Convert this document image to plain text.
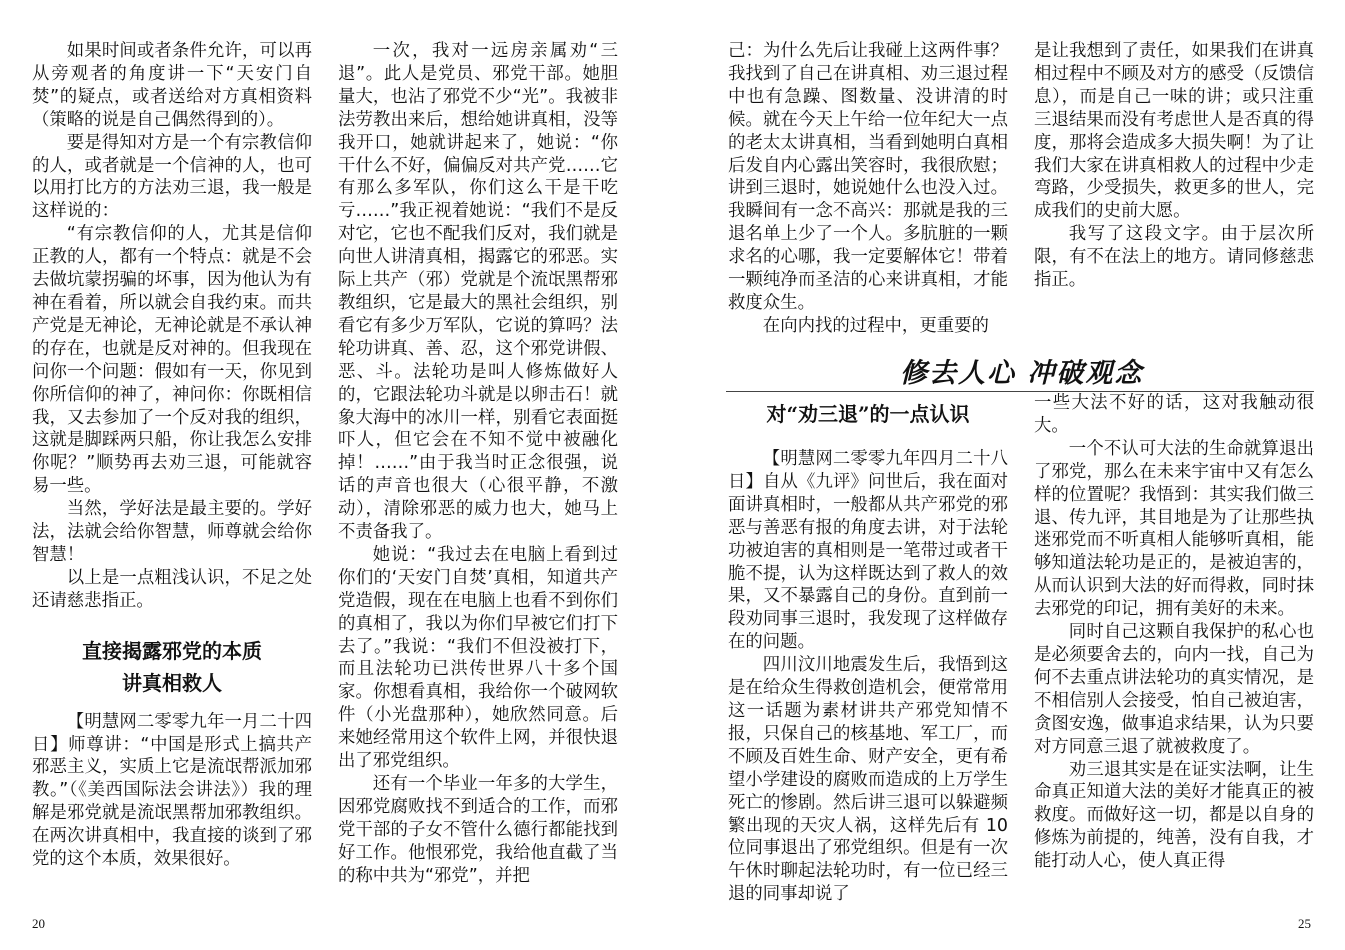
如果时间或者条件允许，可以再从旁观者的角度讲一下“天安门自焚”的疑点，或者送给对方真相资料（策略的说是自己偶然得到的）。

要是得知对方是一个有宗教信仰的人，或者就是一个信神的人，也可以用打比方的方法劝三退，我一般是这样说的：

“有宗教信仰的人，尤其是信仰正教的人，都有一个特点：就是不会去做坑蒙拐骗的坏事，因为他认为有神在看着，所以就会自我约束。而共产党是无神论，无神论就是不承认神的存在，也就是反对神的。但我现在问你一个问题：假如有一天，你见到你所信仰的神了，神问你：你既相信我，又去参加了一个反对我的组织，这就是脚踩两只船，你让我怎么安排你呢？”顺势再去劝三退，可能就容易一些。

当然，学好法是最主要的。学好法，法就会给你智慧，师尊就会给你智慧！

以上是一点粗浅认识，不足之处还请慈悲指正。

直接揭露邪党的本质
讲真相救人

【明慧网二零零九年一月二十四日】师尊讲：“中国是形式上搞共产邪恶主义，实质上它是流氓帮派加邪教。”（《美西国际法会讲法》）我的理解是邪党就是流氓黑帮加邪教组织。在两次讲真相中，我直接的谈到了邪党的这个本质，效果很好。

一次，我对一远房亲属劝“三退”。此人是党员、邪党干部。她胆量大，也沾了邪党不少“光”。我被非法劳教出来后，想给她讲真相，没等我开口，她就讲起来了，她说：“你干什么不好，偏偏反对共产党……它有那么多军队，你们这么干是干吃亏……”我正视着她说：“我们不是反对它，它也不配我们反对，我们就是向世人讲清真相，揭露它的邪恶。实际上共产（邪）党就是个流氓黑帮邪教组织，它是最大的黑社会组织，别看它有多少万军队，它说的算吗？法轮功讲真、善、忍，这个邪党讲假、恶、斗。法轮功是叫人修炼做好人的，它跟法轮功斗就是以卵击石！就象大海中的冰川一样，别看它表面挺吓人，但它会在不知不觉中被融化掉！……”由于我当时正念很强，说话的声音也很大（心很平静，不激动），清除邪恶的威力也大，她马上不责备我了。

她说：“我过去在电脑上看到过你们的‘天安门自焚’真相，知道共产党造假，现在在电脑上也看不到你们的真相了，我以为你们早被它们打下去了。”我说：“我们不但没被打下，而且法轮功已洪传世界八十多个国家。你想看真相，我给你一个破网软件（小光盘那种），她欣然同意。后来她经常用这个软件上网，并很快退出了邪党组织。

还有一个毕业一年多的大学生，因邪党腐败找不到适合的工作，而邪党干部的子女不管什么德行都能找到好工作。他恨邪党，我给他直截了当的称中共为“邪党”，并把

20

己：为什么先后让我碰上这两件事？我找到了自己在讲真相、劝三退过程中也有急躁、图数量、没讲清的时候。就在今天上午给一位年纪大一点的老太太讲真相，当看到她明白真相后发自内心露出笑容时，我很欣慰；讲到三退时，她说她什么也没入过。我瞬间有一念不高兴：那就是我的三退名单上少了一个人。多肮脏的一颗求名的心哪，我一定要解体它！带着一颗纯净而圣洁的心来讲真相，才能救度众生。

在向内找的过程中，更重要的

是让我想到了责任，如果我们在讲真相过程中不顾及对方的感受（反馈信息），而是自己一味的讲；或只注重三退结果而没有考虑世人是否真的得度，那将会造成多大损失啊！为了让我们大家在讲真相救人的过程中少走弯路，少受损失，救更多的世人，完成我们的史前大愿。

我写了这段文字。由于层次所限，有不在法上的地方。请同修慈悲指正。

修去人心 冲破观念
对“劝三退”的一点认识

【明慧网二零零九年四月二十八日】自从《九评》问世后，我在面对面讲真相时，一般都从共产邪党的邪恶与善恶有报的角度去讲，对于法轮功被迫害的真相则是一笔带过或者干脆不提，认为这样既达到了救人的效果，又不暴露自己的身份。直到前一段劝同事三退时，我发现了这样做存在的问题。

四川汶川地震发生后，我悟到这是在给众生得救创造机会，便常常用这一话题为素材讲共产邪党知情不报，只保自己的核基地、军工厂，而不顾及百姓生命、财产安全，更有希望小学建设的腐败而造成的上万学生死亡的惨剧。然后讲三退可以躲避频繁出现的天灾人祸，这样先后有 10 位同事退出了邪党组织。但是有一次午休时聊起法轮功时，有一位已经三退的同事却说了

一些大法不好的话，这对我触动很大。

一个不认可大法的生命就算退出了邪党，那么在未来宇宙中又有怎么样的位置呢？我悟到：其实我们做三退、传九评，其目地是为了让那些执迷邪党而不听真相人能够听真相，能够知道法轮功是正的，是被迫害的，从而认识到大法的好而得救，同时抹去邪党的印记，拥有美好的未来。

同时自己这颗自我保护的私心也是必须要舍去的，向内一找，自己为何不去重点讲法轮功的真实情况，是不相信别人会接受，怕自己被迫害，贪图安逸，做事追求结果，认为只要对方同意三退了就被救度了。

劝三退其实是在证实法啊，让生命真正知道大法的美好才能真正的被救度。而做好这一切，都是以自身的修炼为前提的，纯善，没有自我，才能打动人心，使人真正得

25
